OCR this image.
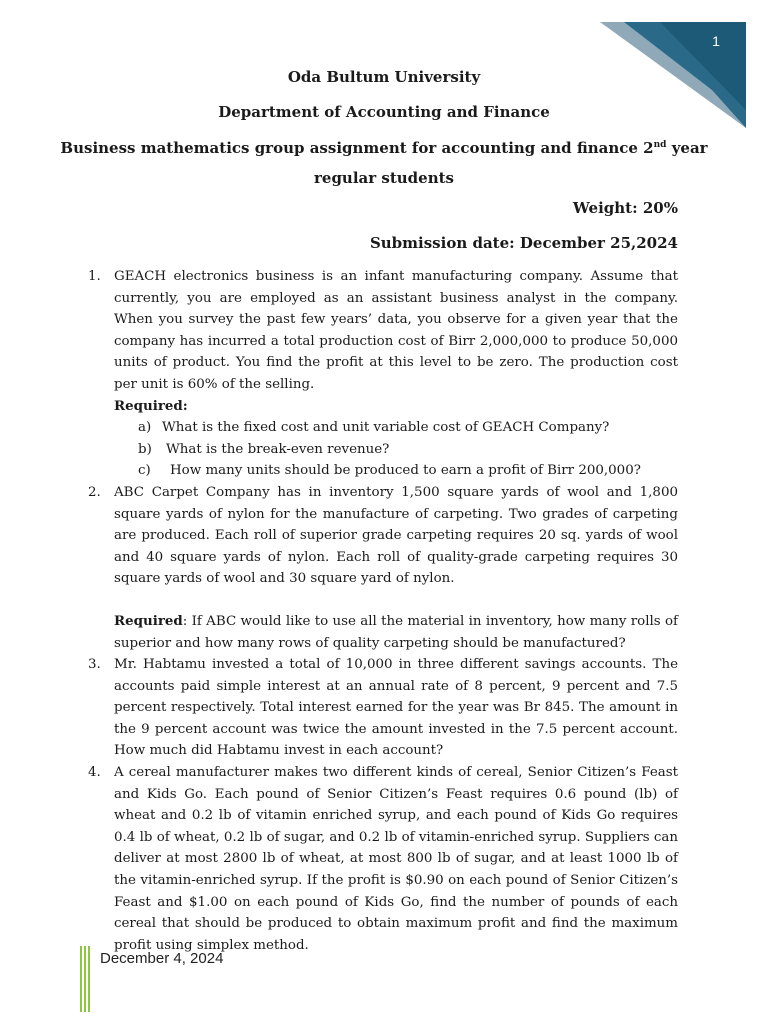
1
Oda Bultum University
Department of Accounting and Finance
Business mathematics group assignment for accounting and finance 2nd year
regular students
Weight: 20%
Submission date: December 25,2024
1. GEACH electronics business is an infant manufacturing company. Assume that currently, you are employed as an assistant business analyst in the company. When you survey the past few years’ data, you observe for a given year that the company has incurred a total production cost of Birr 2,000,000 to produce 50,000 units of product. You find the profit at this level to be zero. The production cost per unit is 60% of the selling.
Required:
a) What is the fixed cost and unit variable cost of GEACH Company?
b) What is the break-even revenue?
c) How many units should be produced to earn a profit of Birr 200,000?
2. ABC Carpet Company has in inventory 1,500 square yards of wool and 1,800 square yards of nylon for the manufacture of carpeting. Two grades of carpeting are produced. Each roll of superior grade carpeting requires 20 sq. yards of wool and 40 square yards of nylon. Each roll of quality-grade carpeting requires 30 square yards of wool and 30 square yard of nylon.
Required: If ABC would like to use all the material in inventory, how many rolls of superior and how many rows of quality carpeting should be manufactured?
3. Mr. Habtamu invested a total of 10,000 in three different savings accounts. The accounts paid simple interest at an annual rate of 8 percent, 9 percent and 7.5 percent respectively. Total interest earned for the year was Br 845. The amount in the 9 percent account was twice the amount invested in the 7.5 percent account. How much did Habtamu invest in each account?
4. A cereal manufacturer makes two different kinds of cereal, Senior Citizen’s Feast and Kids Go. Each pound of Senior Citizen’s Feast requires 0.6 pound (lb) of wheat and 0.2 lb of vitamin enriched syrup, and each pound of Kids Go requires 0.4 lb of wheat, 0.2 lb of sugar, and 0.2 lb of vitamin-enriched syrup. Suppliers can deliver at most 2800 lb of wheat, at most 800 lb of sugar, and at least 1000 lb of the vitamin-enriched syrup. If the profit is $0.90 on each pound of Senior Citizen’s Feast and $1.00 on each pound of Kids Go, find the number of pounds of each cereal that should be produced to obtain maximum profit and find the maximum profit using simplex method.
December 4, 2024
